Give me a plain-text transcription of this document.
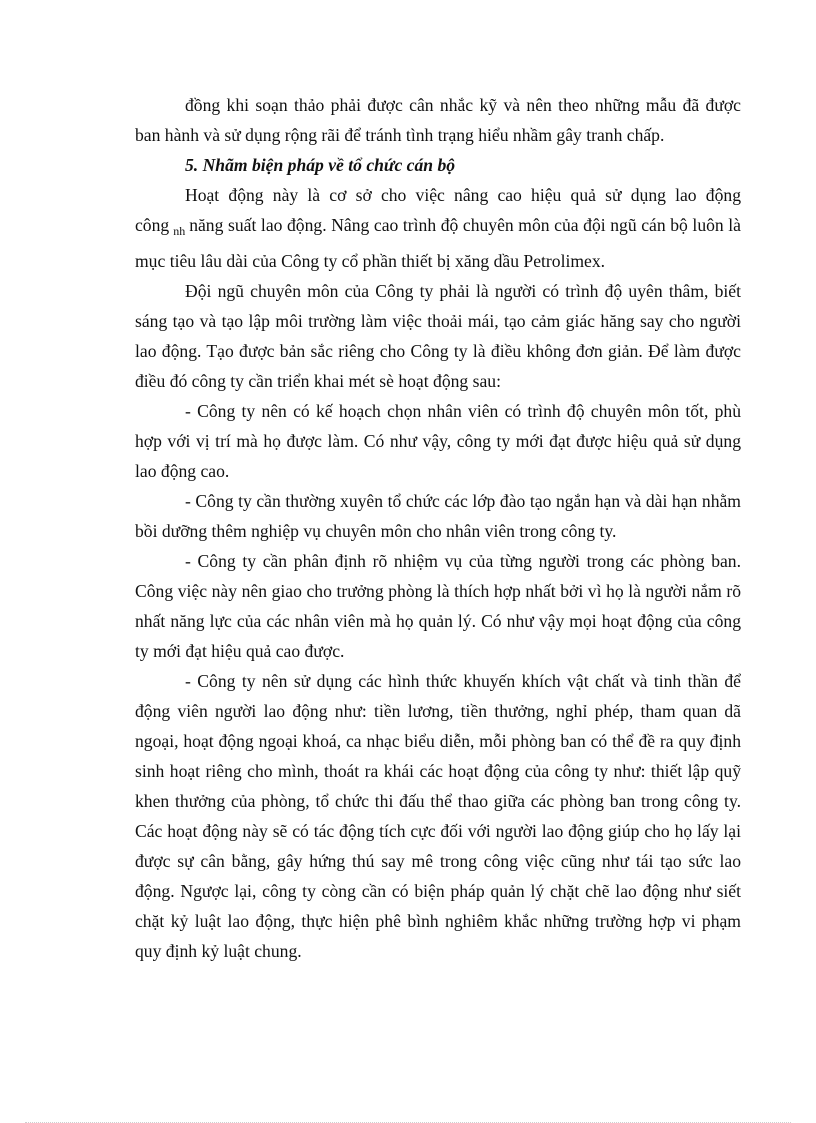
đồng khi soạn thảo phải được cân nhắc kỹ và nên theo những mẫu đã được ban hành và sử dụng rộng rãi để tránh tình trạng hiểu nhầm gây tranh chấp.

5. Nhãm biện pháp về tổ chức cán bộ

Hoạt động này là cơ sở cho việc nâng cao hiệu quả sử dụng lao động công $_{nh}$ năng suất lao động. Nâng cao trình độ chuyên môn của đội ngũ cán bộ luôn là mục tiêu lâu dài của Công ty cổ phần thiết bị xăng dầu Petrolimex.

Đội ngũ chuyên môn của Công ty phải là người có trình độ uyên thâm, biết sáng tạo và tạo lập môi trường làm việc thoải mái, tạo cảm giác hăng say cho người lao động. Tạo được bản sắc riêng cho Công ty là điều không đơn giản. Để làm được điều đó công ty cần triển khai mét sè hoạt động sau:

- Công ty nên có kế hoạch chọn nhân viên có trình độ chuyên môn tốt, phù hợp với vị trí mà họ được làm. Có như vậy, công ty mới đạt được hiệu quả sử dụng lao động cao.

- Công ty cần thường xuyên tổ chức các lớp đào tạo ngắn hạn và dài hạn nhằm bồi dưỡng thêm nghiệp vụ chuyên môn cho nhân viên trong công ty.

- Công ty cần phân định rõ nhiệm vụ của từng người trong các phòng ban. Công việc này nên giao cho trưởng phòng là thích hợp nhất bởi vì họ là người nắm rõ nhất năng lực của các nhân viên mà họ quản lý. Có như vậy mọi hoạt động của công ty mới đạt hiệu quả cao được.

- Công ty nên sử dụng các hình thức khuyến khích vật chất và tinh thần để động viên người lao động như: tiền lương, tiền thưởng, nghỉ phép, tham quan dã ngoại, hoạt động ngoại khoá, ca nhạc biểu diễn, mỗi phòng ban có thể đề ra quy định sinh hoạt riêng cho mình, thoát ra khái các hoạt động của công ty như: thiết lập quỹ khen thưởng của phòng, tổ chức thi đấu thể thao giữa các phòng ban trong công ty. Các hoạt động này sẽ có tác động tích cực đối với người lao động giúp cho họ lấy lại được sự cân bằng, gây hứng thú say mê trong công việc cũng như tái tạo sức lao động. Ngược lại, công ty còng cần có biện pháp quản lý chặt chẽ lao động như siết chặt kỷ luật lao động, thực hiện phê bình nghiêm khắc những trường hợp vi phạm quy định kỷ luật chung.
